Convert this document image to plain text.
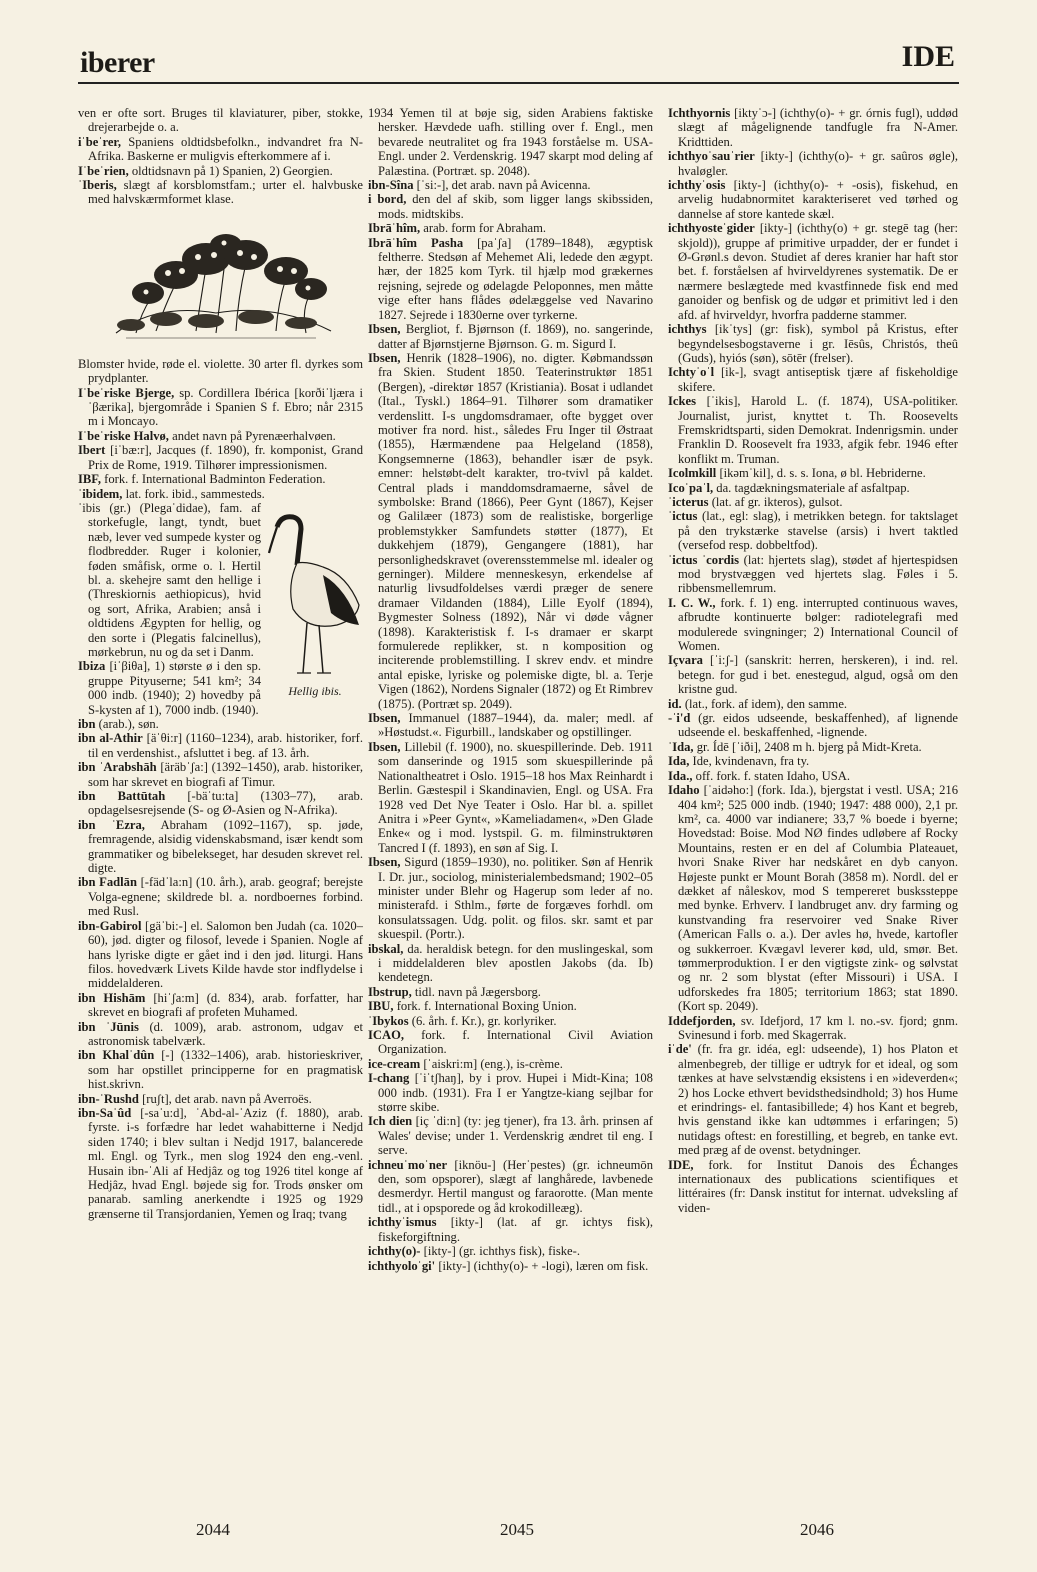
iberer	IDE

ven er ofte sort. Bruges til klaviaturer, piber, stokke, drejerarbejde o. a.

iˈbeˈrer, Spaniens oldtidsbefolkn., indvandret fra N-Afrika. Baskerne er muligvis efterkommere af i.

Iˈbeˈrien, oldtidsnavn på 1) Spanien, 2) Georgien.

ˈIberis, slægt af korsblomstfam.; urter el. halvbuske med halvskærmformet klase.

Blomster hvide, røde el. violette. 30 arter fl. dyrkes som prydplanter.

Iˈbeˈriske Bjerge, sp. Cordillera Ibérica [korðiˈljæra iˈβærika], bjergområde i Spanien S f. Ebro; når 2315 m i Moncayo.

Iˈbeˈriske Halvø, andet navn på Pyrenæerhalvøen.

Ibert [iˈbæ:r], Jacques (f. 1890), fr. komponist, Grand Prix de Rome, 1919. Tilhører impressionismen.

IBF, fork. f. International Badminton Federation.

ˈibidem, lat. fork. ibid., sammesteds.

Hellig ibis.

ˈibis (gr.) (Plegaˈdidae), fam. af storkefugle, langt, tyndt, buet næb, lever ved sumpede kyster og flodbredder. Ruger i kolonier, føden småfisk, orme o. l. Hertil bl. a. skehejre samt den hellige i (Threskiornis aethiopicus), hvid og sort, Afrika, Arabien; anså i oldtidens Ægypten for hellig, og den sorte i (Plegatis falcinellus), mørkebrun, nu og da set i Danm.

Ibiza [iˈβiθa], 1) største ø i den sp. gruppe Pityuserne; 541 km²; 34 000 indb. (1940); 2) hovedby på S-kysten af 1), 7000 indb. (1940).

ibn (arab.), søn.

ibn al-Athir [äˈθi:r] (1160–1234), arab. historiker, forf. til en verdenshist., afsluttet i beg. af 13. årh.

ibn ˈArabshāh [äräbˈʃa:] (1392–1450), arab. historiker, som har skrevet en biografi af Timur.

ibn Battūtah [-bäˈtu:ta] (1303–77), arab. opdagelsesrejsende (S- og Ø-Asien og N-Afrika).

ibn ˈEzra, Abraham (1092–1167), sp. jøde, fremragende, alsidig videnskabsmand, især kendt som grammatiker og bibelekseget, har desuden skrevet rel. digte.

ibn Fadlān [-fädˈla:n] (10. årh.), arab. geograf; berejste Volga-egnene; skildrede bl. a. nordboernes forbind. med Rusl.

ibn-Gabirol [gäˈbi:-] el. Salomon ben Judah (ca. 1020–60), jød. digter og filosof, levede i Spanien. Nogle af hans lyriske digte er gået ind i den jød. liturgi. Hans filos. hovedværk Livets Kilde havde stor indflydelse i middelalderen.

ibn Hishām [hiˈʃa:m] (d. 834), arab. forfatter, har skrevet en biografi af profeten Muhamed.

ibn ˈJūnis (d. 1009), arab. astronom, udgav et astronomisk tabelværk.

ibn Khalˈdûn [-] (1332–1406), arab. historieskriver, som har opstillet principperne for en pragmatisk hist.skrivn.

ibn-ˈRushd [ruʃt], det arab. navn på Averroës.

ibn-Saˈûd [-saˈu:d], ˈAbd-al-ˈAziz (f. 1880), arab. fyrste. i-s forfædre har ledet wahabitterne i Nedjd siden 1740; i blev sultan i Nedjd 1917, balancerede ml. Engl. og Tyrk., men slog 1924 den eng.-venl. Husain ibn-ˈAli af Hedjâz og tog 1926 titel konge af Hedjâz, hvad Engl. bøjede sig for. Trods ønsker om panarab. samling anerkendte i 1925 og 1929 grænserne til Transjordanien, Yemen og Iraq; tvang

1934 Yemen til at bøje sig, siden Arabiens faktiske hersker. Hævdede uafh. stilling over f. Engl., men bevarede neutralitet og fra 1943 forståelse m. USA-Engl. under 2. Verdenskrig. 1947 skarpt mod deling af Palæstina. (Portræt. sp. 2048).

ibn-Sîna [ˈsi:-], det arab. navn på Avicenna.

i bord, den del af skib, som ligger langs skibssiden, mods. midtskibs.

Ibrāˈhîm, arab. form for Abraham.

Ibrāˈhîm Pasha [paˈʃa] (1789–1848), ægyptisk feltherre. Stedsøn af Mehemet Ali, ledede den ægypt. hær, der 1825 kom Tyrk. til hjælp mod grækernes rejsning, sejrede og ødelagde Peloponnes, men måtte vige efter hans flådes ødelæggelse ved Navarino 1827. Sejrede i 1830erne over tyrkerne.

Ibsen, Bergliot, f. Bjørnson (f. 1869), no. sangerinde, datter af Bjørnstjerne Bjørnson. G. m. Sigurd I.

Ibsen, Henrik (1828–1906), no. digter. Købmandssøn fra Skien. Student 1850. Teaterinstruktør 1851 (Bergen), -direktør 1857 (Kristiania). Bosat i udlandet (Ital., Tyskl.) 1864–91. Tilhører som dramatiker verdenslitt. I-s ungdomsdramaer, ofte bygget over motiver fra nord. hist., således Fru Inger til Østraat (1855), Hærmændene paa Helgeland (1858), Kongsemnerne (1863), behandler især de psyk. emner: helstøbt-delt karakter, tro-tvivl på kaldet. Central plads i manddomsdramaerne, såvel de symbolske: Brand (1866), Peer Gynt (1867), Kejser og Galilæer (1873) som de realistiske, borgerlige problemstykker Samfundets støtter (1877), Et dukkehjem (1879), Gengangere (1881), har personlighedskravet (overensstemmelse ml. idealer og gerninger). Mildere menneskesyn, erkendelse af naturlig livsudfoldelses værdi præger de senere dramaer Vildanden (1884), Lille Eyolf (1894), Bygmester Solness (1892), Når vi døde vågner (1898). Karakteristisk f. I-s dramaer er skarpt formulerede replikker, st. n komposition og inciterende problemstilling. I skrev endv. et mindre antal episke, lyriske og polemiske digte, bl. a. Terje Vigen (1862), Nordens Signaler (1872) og Et Rimbrev (1875). (Portræt sp. 2049).

Ibsen, Immanuel (1887–1944), da. maler; medl. af »Høstudst.«. Figurbill., landskaber og opstillinger.

Ibsen, Lillebil (f. 1900), no. skuespillerinde. Deb. 1911 som danserinde og 1915 som skuespillerinde på Nationaltheatret i Oslo. 1915–18 hos Max Reinhardt i Berlin. Gæstespil i Skandinavien, Engl. og USA. Fra 1928 ved Det Nye Teater i Oslo. Har bl. a. spillet Anitra i »Peer Gynt«, »Kameliadamen«, »Den Glade Enke« og i mod. lystspil. G. m. filminstruktøren Tancred I (f. 1893), en søn af Sig. I.

Ibsen, Sigurd (1859–1930), no. politiker. Søn af Henrik I. Dr. jur., sociolog, ministerialembedsmand; 1902–05 minister under Blehr og Hagerup som leder af no. ministerafd. i Sthlm., førte de forgæves forhdl. om konsulatssagen. Udg. polit. og filos. skr. samt et par skuespil. (Portr.).

ibskal, da. heraldisk betegn. for den muslingeskal, som i middelalderen blev apostlen Jakobs (da. Ib) kendetegn.

Ibstrup, tidl. navn på Jægersborg.

IBU, fork. f. International Boxing Union.

ˈIbykos (6. årh. f. Kr.), gr. korlyriker.

ICAO, fork. f. International Civil Aviation Organization.

ice-cream [ˈaiskri:m] (eng.), is-crème.

I-chang [ˈiˈtʃhaŋ], by i prov. Hupei i Midt-Kina; 108 000 indb. (1931). Fra I er Yangtze-kiang sejlbar for større skibe.

Ich dien [iç ˈdi:n] (ty: jeg tjener), fra 13. årh. prinsen af Wales' devise; under 1. Verdenskrig ændret til eng. I serve.

ichneuˈmoˈner [iknöu-] (Herˈpestes) (gr. ichneumōn den, som opsporer), slægt af langhårede, lavbenede desmerdyr. Hertil mangust og faraorotte. (Man mente tidl., at i opsporede og åd krokodilleæg).

ichthyˈismus [ikty-] (lat. af gr. ichtys fisk), fiskeforgiftning.

ichthy(o)- [ikty-] (gr. ichthys fisk), fiske-.

ichthyoloˈgi' [ikty-] (ichthy(o)- + -logi), læren om fisk.

Ichthyornis [iktyˈɔ-] (ichthy(o)- + gr. órnis fugl), uddød slægt af mågelignende tandfugle fra N-Amer. Kridttiden.

ichthyoˈsauˈrier [ikty-] (ichthy(o)- + gr. saûros øgle), hvaløgler.

ichthyˈosis [ikty-] (ichthy(o)- + -osis), fiskehud, en arvelig hudabnormitet karakteriseret ved tørhed og dannelse af store kantede skæl.

ichthyosteˈgider [ikty-] (ichthy(o) + gr. stegē tag (her: skjold)), gruppe af primitive urpadder, der er fundet i Ø-Grønl.s devon. Studiet af deres kranier har haft stor bet. f. forståelsen af hvirveldyrenes systematik. De er nærmere beslægtede med kvastfinnede fisk end med ganoider og benfisk og de udgør et primitivt led i den afd. af hvirveldyr, hvorfra padderne stammer.

ichthys [ikˈtys] (gr: fisk), symbol på Kristus, efter begyndelsesbogstaverne i gr. Iēsûs, Christós, theû (Guds), hyiós (søn), sōtēr (frelser).

Ichtyˈoˈl [ik-], svagt antiseptisk tjære af fiskeholdige skifere.

Ickes [ˈikis], Harold L. (f. 1874), USA-politiker. Journalist, jurist, knyttet t. Th. Roosevelts Fremskridtsparti, siden Demokrat. Indenrigsmin. under Franklin D. Roosevelt fra 1933, afgik febr. 1946 efter konflikt m. Truman.

Icolmkill [ikəmˈkil], d. s. s. Iona, ø bl. Hebriderne.

Icoˈpaˈl, da. tagdækningsmateriale af asfaltpap.

ˈicterus (lat. af gr. ikteros), gulsot.

ˈictus (lat., egl: slag), i metrikken betegn. for taktslaget på den trykstærke stavelse (arsis) i hvert taktled (versefod resp. dobbeltfod).

ˈictus ˈcordis (lat: hjertets slag), stødet af hjertespidsen mod brystvæggen ved hjertets slag. Føles i 5. ribbensmellemrum.

I. C. W., fork. f. 1) eng. interrupted continuous waves, afbrudte kontinuerte bølger: radiotelegrafi med modulerede svingninger; 2) International Council of Women.

Içvara [ˈi:ʃ-] (sanskrit: herren, herskeren), i ind. rel. betegn. for gud i bet. enestegud, algud, også om den kristne gud.

id. (lat., fork. af idem), den samme.

-ˈi'd (gr. eidos udseende, beskaffenhed), af lignende udseende el. beskaffenhed, -lignende.

ˈIda, gr. Ídē [ˈiði], 2408 m h. bjerg på Midt-Kreta.

Ida, Ide, kvindenavn, fra ty.

Ida., off. fork. f. staten Idaho, USA.

Idaho [ˈaidəho:] (fork. Ida.), bjergstat i vestl. USA; 216 404 km²; 525 000 indb. (1940; 1947: 488 000), 2,1 pr. km², ca. 4000 var indianere; 33,7 % boede i byerne; Hovedstad: Boise. Mod NØ findes udløbere af Rocky Mountains, resten er en del af Columbia Plateauet, hvori Snake River har nedskåret en dyb canyon. Højeste punkt er Mount Borah (3858 m). Nordl. del er dækket af nåleskov, mod S tempereret buskssteppe med bynke. Erhverv. I landbruget anv. dry farming og kunstvanding fra reservoirer ved Snake River (American Falls o. a.). Der avles hø, hvede, kartofler og sukkerroer. Kvægavl leverer kød, uld, smør. Bet. tømmerproduktion. I er den vigtigste zink- og sølvstat og nr. 2 som blystat (efter Missouri) i USA. I udforskedes fra 1805; territorium 1863; stat 1890. (Kort sp. 2049).

Iddefjorden, sv. Idefjord, 17 km l. no.-sv. fjord; gnm. Svinesund i forb. med Skagerrak.

iˈde' (fr. fra gr. idéa, egl: udseende), 1) hos Platon et almenbegreb, der tillige er udtryk for et ideal, og som tænkes at have selvstændig eksistens i en »ideverden«; 2) hos Locke ethvert bevidsthedsindhold; 3) hos Hume et erindrings- el. fantasibillede; 4) hos Kant et begreb, hvis genstand ikke kan udtømmes i erfaringen; 5) nutidags oftest: en forestilling, et begreb, en tanke evt. med præg af de ovenst. betydninger.

IDE, fork. for Institut Danois des Échanges internationaux des publications scientifiques et littéraires (fr: Dansk institut for internat. udveksling af viden-

2044	2045	2046
